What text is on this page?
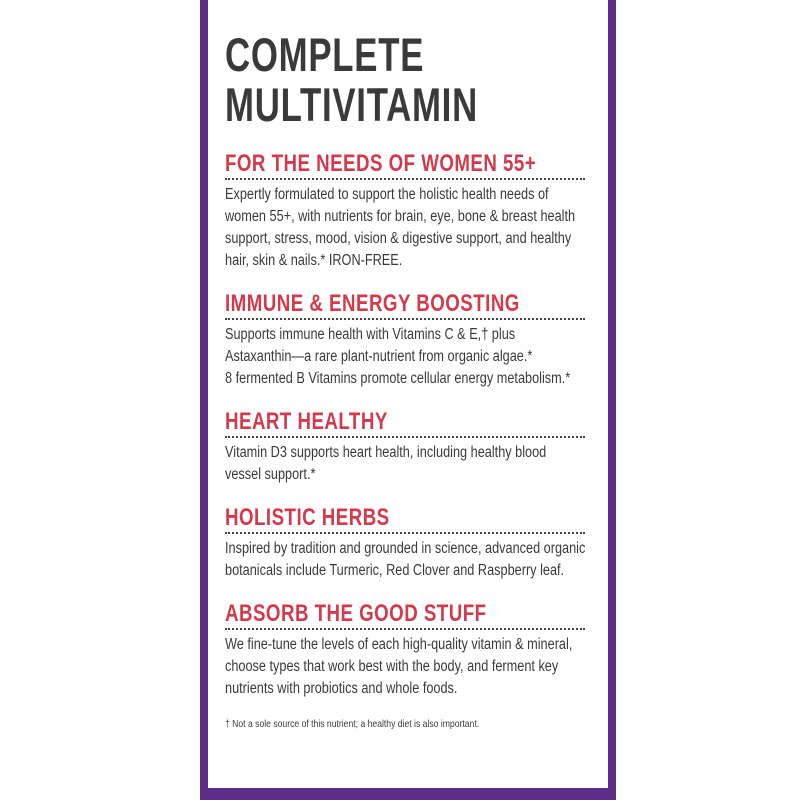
COMPLETE
MULTIVITAMIN
FOR THE NEEDS OF WOMEN 55+
Expertly formulated to support the holistic health needs of
women 55+, with nutrients for brain, eye, bone & breast health
support, stress, mood, vision & digestive support, and healthy
hair, skin & nails.* IRON-FREE.
IMMUNE & ENERGY BOOSTING
Supports immune health with Vitamins C & E,† plus
Astaxanthin—a rare plant-nutrient from organic algae.*
8 fermented B Vitamins promote cellular energy metabolism.*
HEART HEALTHY
Vitamin D3 supports heart health, including healthy blood
vessel support.*
HOLISTIC HERBS
Inspired by tradition and grounded in science, advanced organic
botanicals include Turmeric, Red Clover and Raspberry leaf.
ABSORB THE GOOD STUFF
We fine-tune the levels of each high-quality vitamin & mineral,
choose types that work best with the body, and ferment key
nutrients with probiotics and whole foods.
† Not a sole source of this nutrient; a healthy diet is also important.
